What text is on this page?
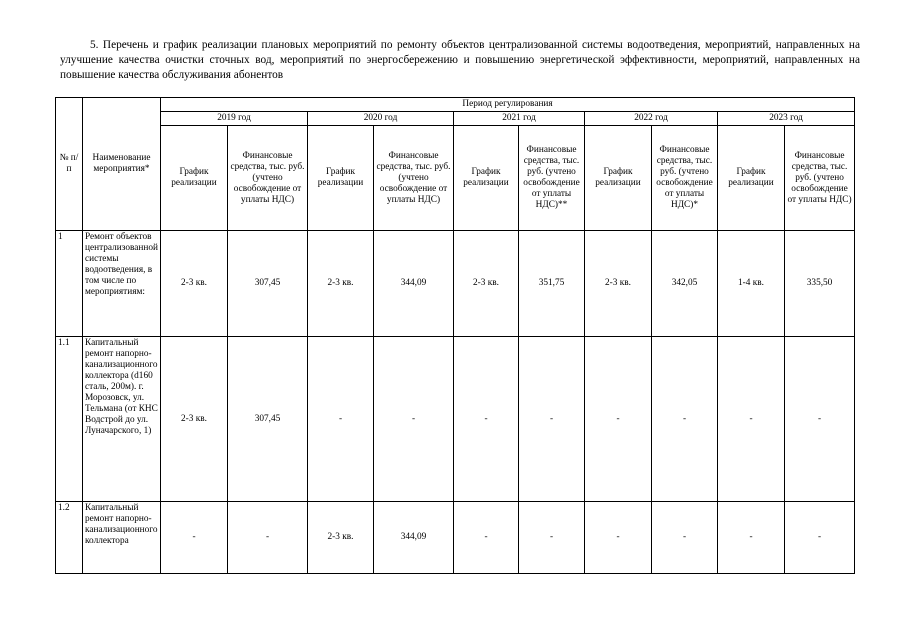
5. Перечень и график реализации плановых мероприятий по ремонту объектов централизованной системы водоотведения, мероприятий, направленных на улучшение качества очистки сточных вод, мероприятий по энергосбережению и повышению энергетической эффективности, мероприятий, направленных на повышение качества обслуживания абонентов

№ п/п	Наименование мероприятия*	Период регулирования									
		2019 год		2020 год		2021 год		2022 год		2023 год	
		График реализации	Финансовые средства, тыс. руб. (учтено освобождение от уплаты НДС)	График реализации	Финансовые средства, тыс. руб. (учтено освобождение от уплаты НДС)	График реализации	Финансовые средства, тыс. руб. (учтено освобождение от уплаты НДС)**	График реализации	Финансовые средства, тыс. руб. (учтено освобождение от уплаты НДС)*	График реализации	Финансовые средства, тыс. руб. (учтено освобождение от уплаты НДС)
1	Ремонт объектов централизованной системы водоотведения, в том числе по мероприятиям:	2-3 кв.	307,45	2-3 кв.	344,09	2-3 кв.	351,75	2-3 кв.	342,05	1-4 кв.	335,50
1.1	Капитальный ремонт напорно-канализационного коллектора (d160 сталь, 200м). г. Морозовск, ул. Тельмана (от КНС Водстрой до ул. Луначарского, 1)	2-3 кв.	307,45	-	-	-	-	-	-	-	-
1.2	Капитальный ремонт напорно-канализационного коллектора	-	-	2-3 кв.	344,09	-	-	-	-	-	-
